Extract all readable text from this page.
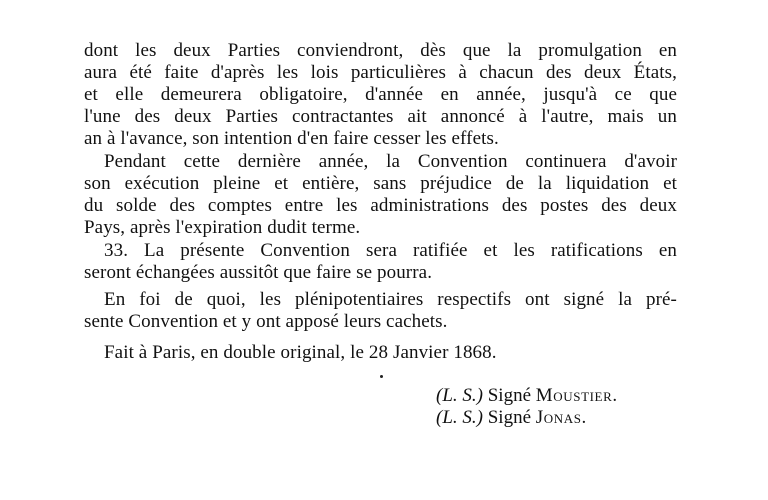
dont les deux Parties conviendront, dès que la promulgation en
aura été faite d'après les lois particulières à chacun des deux États,
et elle demeurera obligatoire, d'année en année, jusqu'à ce que
l'une des deux Parties contractantes ait annoncé à l'autre, mais un
an à l'avance, son intention d'en faire cesser les effets.
Pendant cette dernière année, la Convention continuera d'avoir
son exécution pleine et entière, sans préjudice de la liquidation et
du solde des comptes entre les administrations des postes des deux
Pays, après l'expiration dudit terme.
33. La présente Convention sera ratifiée et les ratifications en
seront échangées aussitôt que faire se pourra.
En foi de quoi, les plénipotentiaires respectifs ont signé la pré-
sente Convention et y ont apposé leurs cachets.
Fait à Paris, en double original, le 28 Janvier 1868.
(L. S.) Signé Moustier.
(L. S.) Signé Jonas.
